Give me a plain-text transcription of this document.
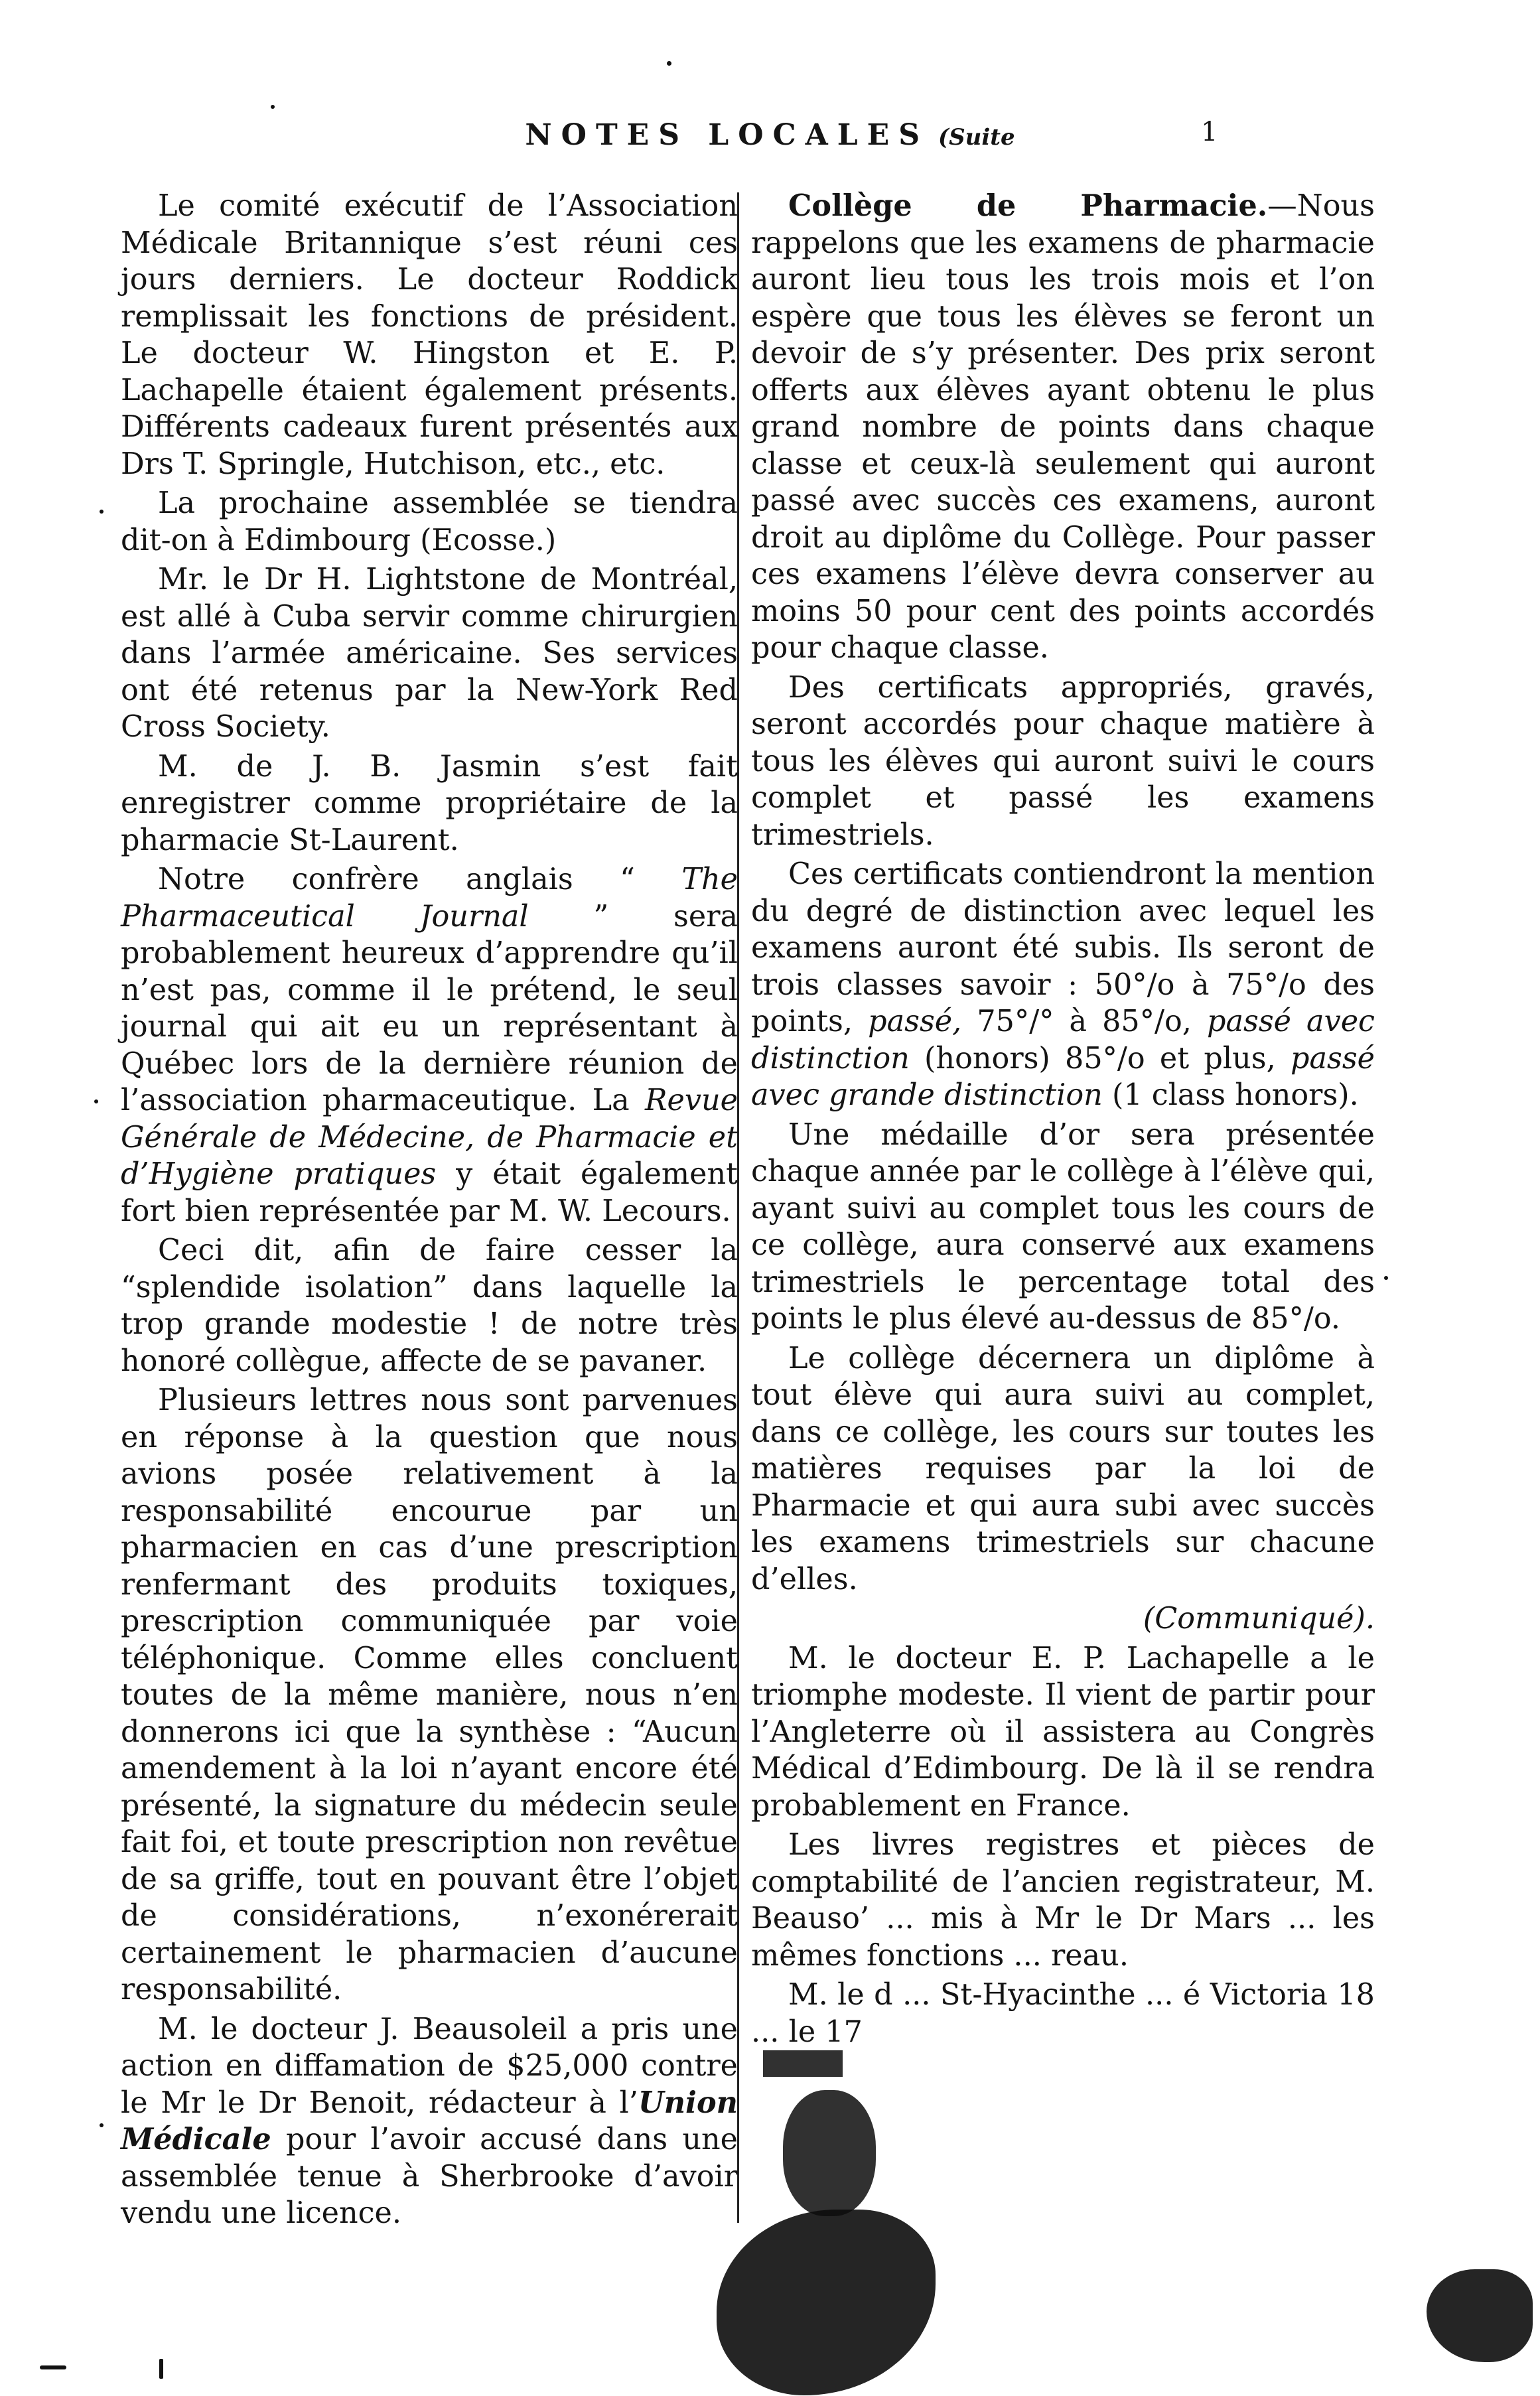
NOTES LOCALES (Suite	1

Le comité exécutif de l’Association Médicale Britannique s’est réuni ces jours derniers. Le docteur Roddick remplissait les fonctions de président. Le docteur W. Hingston et E. P. Lachapelle étaient également présents. Différents cadeaux furent présentés aux Drs T. Springle, Hutchison, etc., etc.

La prochaine assemblée se tiendra dit-on à Edimbourg (Ecosse.)

Mr. le Dr H. Lightstone de Montréal, est allé à Cuba servir comme chirurgien dans l’armée américaine. Ses services ont été retenus par la New-York Red Cross Society.

M. de J. B. Jasmin s’est fait enregistrer comme propriétaire de la pharmacie St-Laurent.

Notre confrère anglais “ The Pharmaceutical Journal ” sera probablement heureux d’apprendre qu’il n’est pas, comme il le prétend, le seul journal qui ait eu un représentant à Québec lors de la dernière réunion de l’association pharmaceutique. La Revue Générale de Médecine, de Pharmacie et d’Hygiène pratiques y était également fort bien représentée par M. W. Lecours.

Ceci dit, afin de faire cesser la “splendide isolation” dans laquelle la trop grande modestie ! de notre très honoré collègue, affecte de se pavaner.

Plusieurs lettres nous sont parvenues en réponse à la question que nous avions posée relativement à la responsabilité encourue par un pharmacien en cas d’une prescription renfermant des produits toxiques, prescription communiquée par voie téléphonique. Comme elles concluent toutes de la même manière, nous n’en donnerons ici que la synthèse : “Aucun amendement à la loi n’ayant encore été présenté, la signature du médecin seule fait foi, et toute prescription non revêtue de sa griffe, tout en pouvant être l’objet de considérations, n’exonérerait certainement le pharmacien d’aucune responsabilité.

M. le docteur J. Beausoleil a pris une action en diffamation de $25,000 contre le Mr le Dr Benoit, rédacteur à l’Union Médicale pour l’avoir accusé dans une assemblée tenue à Sherbrooke d’avoir vendu une licence.

Collège de Pharmacie.—Nous rappelons que les examens de pharmacie auront lieu tous les trois mois et l’on espère que tous les élèves se feront un devoir de s’y présenter. Des prix seront offerts aux élèves ayant obtenu le plus grand nombre de points dans chaque classe et ceux-là seulement qui auront passé avec succès ces examens, auront droit au diplôme du Collège. Pour passer ces examens l’élève devra conserver au moins 50 pour cent des points accordés pour chaque classe.

Des certificats appropriés, gravés, seront accordés pour chaque matière à tous les élèves qui auront suivi le cours complet et passé les examens trimestriels.

Ces certificats contiendront la mention du degré de distinction avec lequel les examens auront été subis. Ils seront de trois classes savoir : 50°/o à 75°/o des points, passé, 75°/° à 85°/o, passé avec distinction (honors) 85°/o et plus, passé avec grande distinction (1 class honors).

Une médaille d’or sera présentée chaque année par le collège à l’élève qui, ayant suivi au complet tous les cours de ce collège, aura conservé aux examens trimestriels le percentage total des points le plus élevé au-dessus de 85°/o.

Le collège décernera un diplôme à tout élève qui aura suivi au complet, dans ce collège, les cours sur toutes les matières requises par la loi de Pharmacie et qui aura subi avec succès les examens trimestriels sur chacune d’elles.

(Communiqué).

M. le docteur E. P. Lachapelle a le triomphe modeste. Il vient de partir pour l’Angleterre où il assistera au Congrès Médical d’Edimbourg. De là il se rendra probablement en France.

Les livres registres et pièces de comptabilité de l’ancien registrateur, M. Beauso’ ... mis à Mr le Dr Mars ... les mêmes fonctions ... reau.

M. le d ... St-Hyacinthe ... é Victoria 18 ... le 17
